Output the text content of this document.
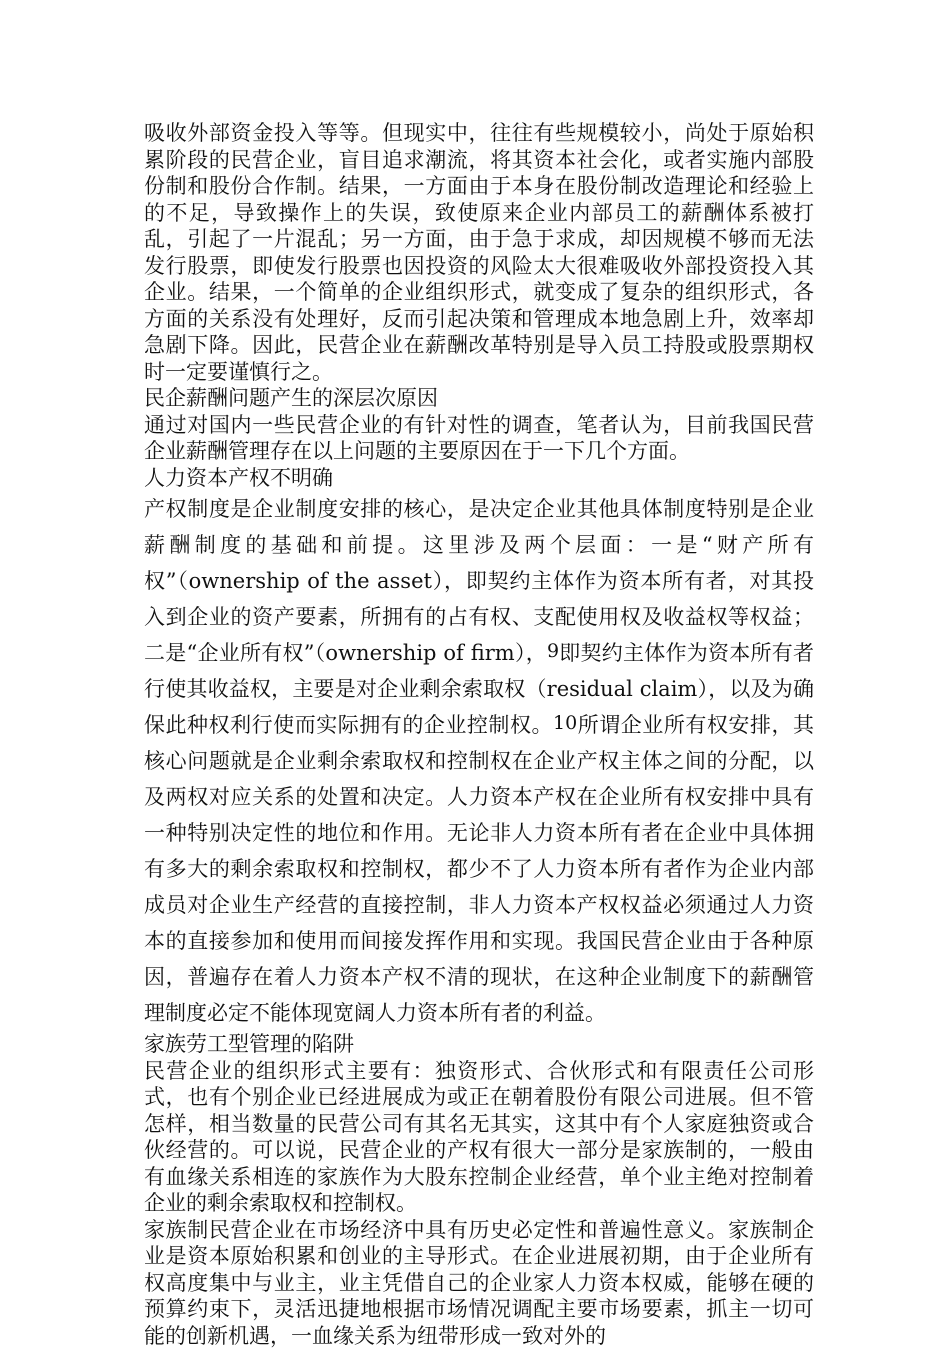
吸收外部资金投入等等。但现实中，往往有些规模较小，尚处于原始积累阶段的民营企业，盲目追求潮流，将其资本社会化，或者实施内部股份制和股份合作制。结果，一方面由于本身在股份制改造理论和经验上的不足，导致操作上的失误，致使原来企业内部员工的薪酬体系被打乱，引起了一片混乱；另一方面，由于急于求成，却因规模不够而无法发行股票，即使发行股票也因投资的风险太大很难吸收外部投资投入其企业。结果，一个简单的企业组织形式，就变成了复杂的组织形式，各方面的关系没有处理好，反而引起决策和管理成本地急剧上升，效率却急剧下降。因此，民营企业在薪酬改革特别是导入员工持股或股票期权时一定要谨慎行之。

民企薪酬问题产生的深层次原因

通过对国内一些民营企业的有针对性的调查，笔者认为，目前我国民营企业薪酬管理存在以上问题的主要原因在于一下几个方面。

人力资本产权不明确

产权制度是企业制度安排的核心，是决定企业其他具体制度特别是企业薪酬制度的基础和前提。这里涉及两个层面：一是“财产所有权”（ownership of the asset），即契约主体作为资本所有者，对其投入到企业的资产要素，所拥有的占有权、支配使用权及收益权等权益；二是“企业所有权”（ownership of firm），$^9$即契约主体作为资本所有者行使其收益权，主要是对企业剩余索取权（residual claim），以及为确保此种权利行使而实际拥有的企业控制权。$^{10}$所谓企业所有权安排，其核心问题就是企业剩余索取权和控制权在企业产权主体之间的分配，以及两权对应关系的处置和决定。人力资本产权在企业所有权安排中具有一种特别决定性的地位和作用。无论非人力资本所有者在企业中具体拥有多大的剩余索取权和控制权，都少不了人力资本所有者作为企业内部成员对企业生产经营的直接控制，非人力资本产权权益必须通过人力资本的直接参加和使用而间接发挥作用和实现。我国民营企业由于各种原因，普遍存在着人力资本产权不清的现状，在这种企业制度下的薪酬管理制度必定不能体现宽阔人力资本所有者的利益。

家族劳工型管理的陷阱

民营企业的组织形式主要有：独资形式、合伙形式和有限责任公司形式，也有个别企业已经进展成为或正在朝着股份有限公司进展。但不管怎样，相当数量的民营公司有其名无其实，这其中有个人家庭独资或合伙经营的。可以说，民营企业的产权有很大一部分是家族制的，一般由有血缘关系相连的家族作为大股东控制企业经营，单个业主绝对控制着企业的剩余索取权和控制权。

家族制民营企业在市场经济中具有历史必定性和普遍性意义。家族制企业是资本原始积累和创业的主导形式。在企业进展初期，由于企业所有权高度集中与业主，业主凭借自己的企业家人力资本权威，能够在硬的预算约束下，灵活迅捷地根据市场情况调配主要市场要素，抓主一切可能的创新机遇，一血缘关系为纽带形成一致对外的
